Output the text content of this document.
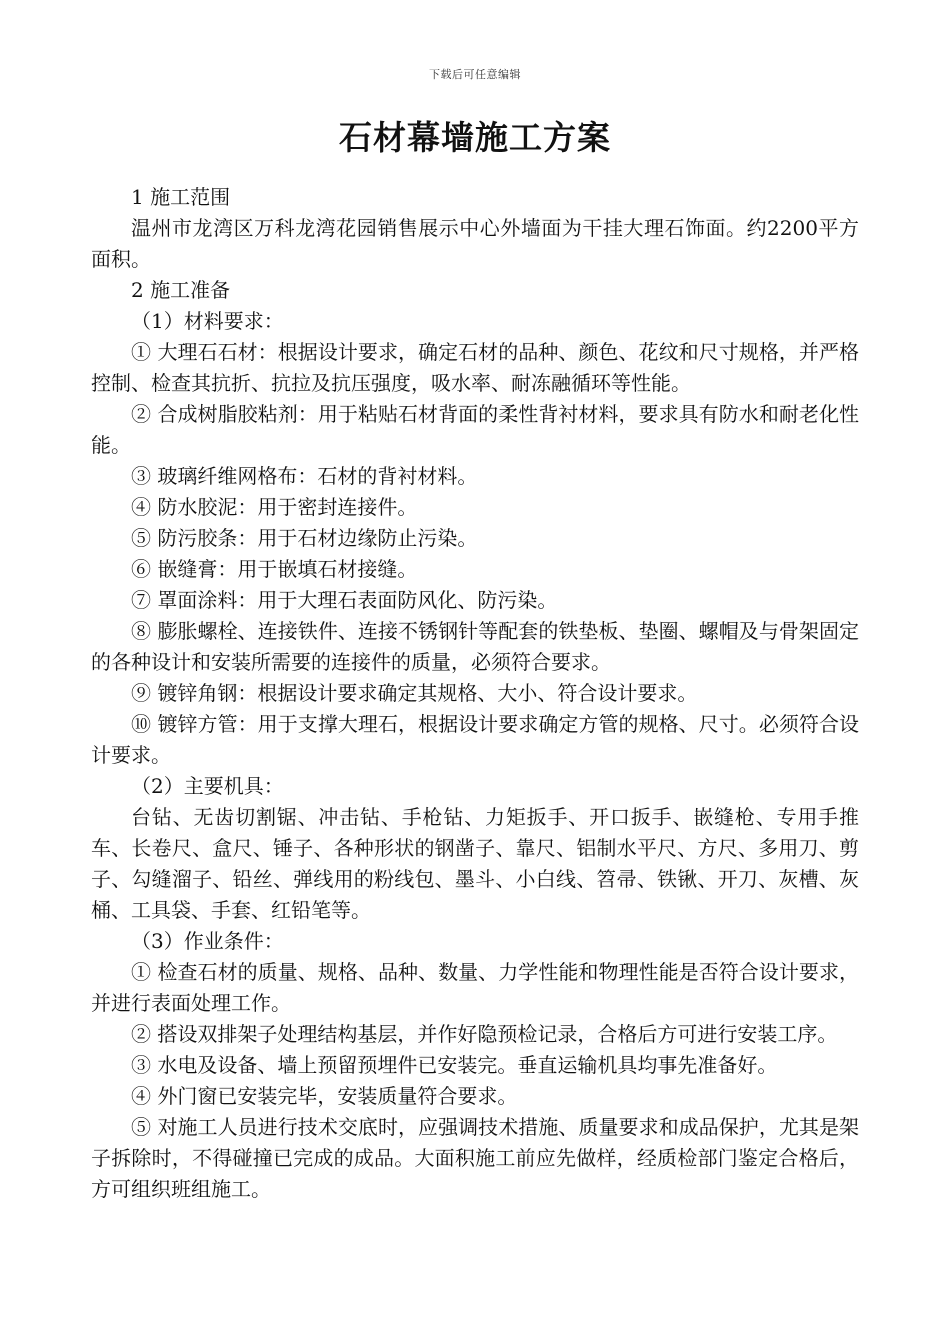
下载后可任意编辑
石材幕墙施工方案

1 施工范围

温州市龙湾区万科龙湾花园销售展示中心外墙面为干挂大理石饰面。约2200平方面积。

2 施工准备

（1）材料要求：

① 大理石石材：根据设计要求，确定石材的品种、颜色、花纹和尺寸规格，并严格控制、检查其抗折、抗拉及抗压强度，吸水率、耐冻融循环等性能。

② 合成树脂胶粘剂：用于粘贴石材背面的柔性背衬材料，要求具有防水和耐老化性能。

③ 玻璃纤维网格布：石材的背衬材料。

④ 防水胶泥：用于密封连接件。

⑤ 防污胶条：用于石材边缘防止污染。

⑥ 嵌缝膏：用于嵌填石材接缝。

⑦ 罩面涂料：用于大理石表面防风化、防污染。

⑧ 膨胀螺栓、连接铁件、连接不锈钢针等配套的铁垫板、垫圈、螺帽及与骨架固定的各种设计和安装所需要的连接件的质量，必须符合要求。

⑨ 镀锌角钢：根据设计要求确定其规格、大小、符合设计要求。

⑩ 镀锌方管：用于支撑大理石，根据设计要求确定方管的规格、尺寸。必须符合设计要求。

（2）主要机具：

台钻、无齿切割锯、冲击钻、手枪钻、力矩扳手、开口扳手、嵌缝枪、专用手推车、长卷尺、盒尺、锤子、各种形状的钢凿子、靠尺、铝制水平尺、方尺、多用刀、剪子、勾缝溜子、铅丝、弹线用的粉线包、墨斗、小白线、笤帚、铁锹、开刀、灰槽、灰桶、工具袋、手套、红铅笔等。

（3）作业条件：

① 检查石材的质量、规格、品种、数量、力学性能和物理性能是否符合设计要求，并进行表面处理工作。

② 搭设双排架子处理结构基层，并作好隐预检记录，合格后方可进行安装工序。

③ 水电及设备、墙上预留预埋件已安装完。垂直运输机具均事先准备好。

④ 外门窗已安装完毕，安装质量符合要求。

⑤ 对施工人员进行技术交底时，应强调技术措施、质量要求和成品保护，尤其是架子拆除时，不得碰撞已完成的成品。大面积施工前应先做样，经质检部门鉴定合格后，方可组织班组施工。
